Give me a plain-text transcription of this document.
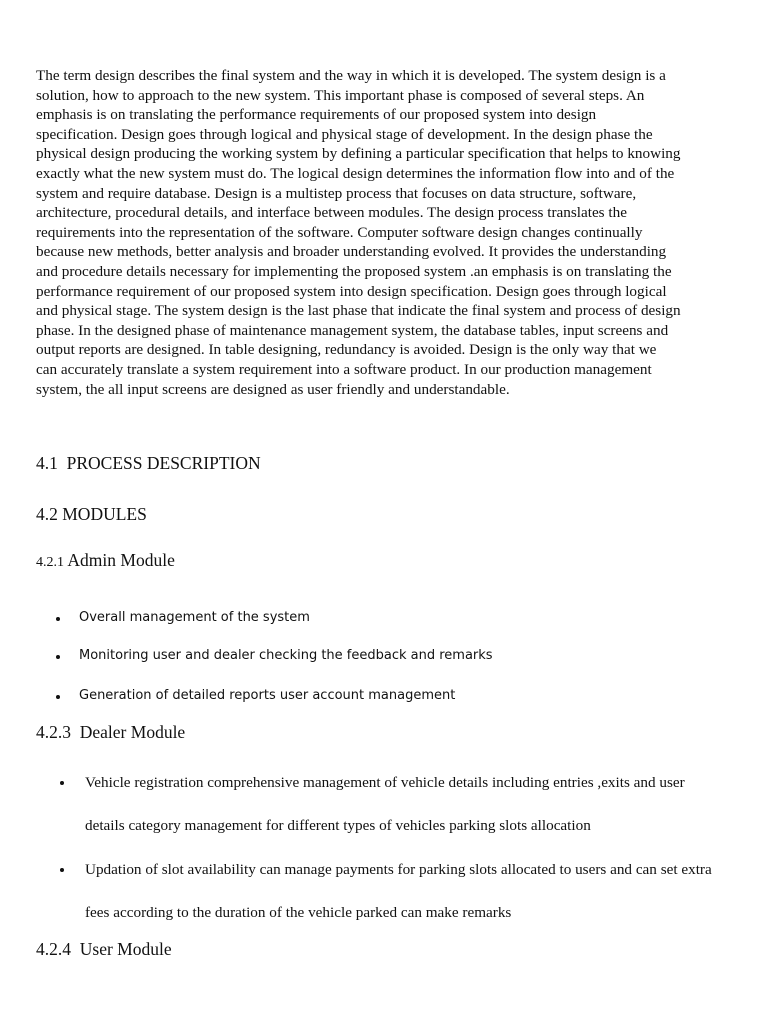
The term design describes the final system and the way in which it is developed. The system design is a
solution, how to approach to the new system. This important phase is composed of several steps. An
emphasis is on translating the performance requirements of our proposed system into design
specification. Design goes through logical and physical stage of development. In the design phase the
physical design producing the working system by defining a particular specification that helps to knowing
exactly what the new system must do. The logical design determines the information flow into and of the
system and require database. Design is a multistep process that focuses on data structure, software,
architecture, procedural details, and interface between modules. The design process translates the
requirements into the representation of the software. Computer software design changes continually
because new methods, better analysis and broader understanding evolved. It provides the understanding
and procedure details necessary for implementing the proposed system .an emphasis is on translating the
performance requirement of our proposed system into design specification. Design goes through logical
and physical stage. The system design is the last phase that indicate the final system and process of design
phase. In the designed phase of maintenance management system, the database tables, input screens and
output reports are designed. In table designing, redundancy is avoided. Design is the only way that we
can accurately translate a system requirement into a software product. In our production management
system, the all input screens are designed as user friendly and understandable.

4.1  PROCESS DESCRIPTION
4.2 MODULES
4.2.1 Admin Module
Overall management of the system
Monitoring user and dealer checking the feedback and remarks
Generation of detailed reports user account management
4.2.3  Dealer Module
Vehicle registration comprehensive management of vehicle details including entries ,exits and user
details category management for different types of vehicles parking slots allocation
Updation of slot availability can manage payments for parking slots allocated to users and can set extra
fees according to the duration of the vehicle parked can make remarks
4.2.4  User Module
